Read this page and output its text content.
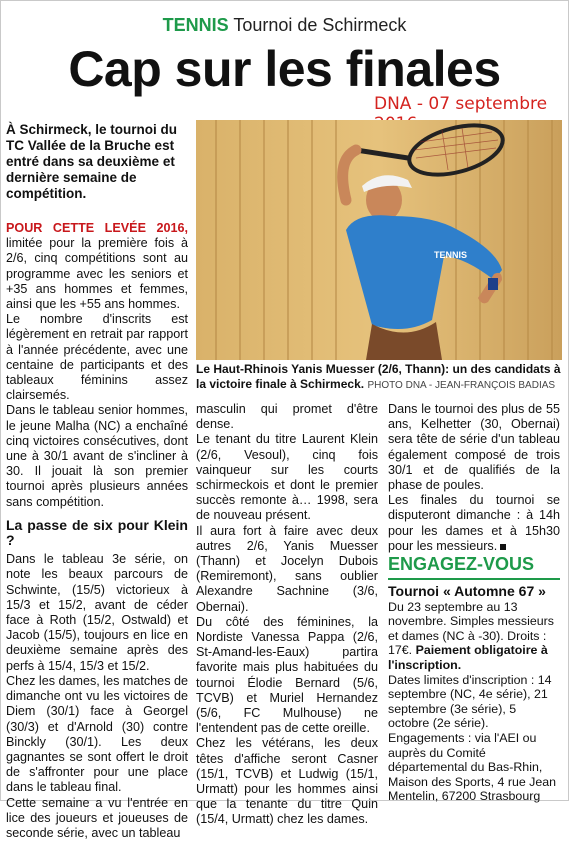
TENNIS Tournoi de Schirmeck
Cap sur les finales
DNA - 07 septembre
À Schirmeck, le tournoi du TC Vallée de la Bruche est entré dans sa deuxième et dernière semaine de compétition.
TENNIS
Le Haut-Rhinois Yanis Muesser (2/6, Thann): un des candidats à la victoire finale à Schirmeck. PHOTO DNA - JEAN-FRANÇOIS BADIAS

POUR CETTE LEVÉE 2016, limitée pour la première fois à 2/6, cinq compétitions sont au programme avec les seniors et +35 ans hommes et femmes, ainsi que les +55 ans hommes.

Le nombre d'inscrits est légèrement en retrait par rapport à l'année précédente, avec une centaine de participants et des tableaux féminins assez clairsemés.

Dans le tableau senior hommes, le jeune Malha (NC) a enchaîné cinq victoires consécutives, dont une à 30/1 avant de s'incliner à 30. Il jouait là son premier tournoi après plusieurs années sans compétition.

La passe de six pour Klein ?

Dans le tableau 3e série, on note les beaux parcours de Schwinte, (15/5) victorieux à 15/3 et 15/2, avant de céder face à Roth (15/2, Ostwald) et Jacob (15/5), toujours en lice en deuxième semaine après des perfs à 15/4, 15/3 et 15/2.

Chez les dames, les matches de dimanche ont vu les victoires de Diem (30/1) face à Georgel (30/3) et d'Arnold (30) contre Binckly (30/1). Les deux gagnantes se sont offert le droit de s'affronter pour une place dans le tableau final.

Cette semaine a vu l'entrée en lice des joueurs et joueuses de seconde série, avec un tableau

masculin qui promet d'être dense.

Le tenant du titre Laurent Klein (2/6, Vesoul), cinq fois vainqueur sur les courts schirmeckois et dont le premier succès remonte à… 1998, sera de nouveau présent.

Il aura fort à faire avec deux autres 2/6, Yanis Muesser (Thann) et Jocelyn Dubois (Remiremont), sans oublier Alexandre Sachnine (3/6, Obernai).

Du côté des féminines, la Nordiste Vanessa Pappa (2/6, St-Amand-les-Eaux) partira favorite mais plus habituées du tournoi Élodie Bernard (5/6, TCVB) et Muriel Hernandez (5/6, FC Mulhouse) ne l'entendent pas de cette oreille.

Chez les vétérans, les deux têtes d'affiche seront Casner (15/1, TCVB) et Ludwig (15/1, Urmatt) pour les hommes ainsi que la tenante du titre Quin (15/4, Urmatt) chez les dames.

Dans le tournoi des plus de 55 ans, Kelhetter (30, Obernai) sera tête de série d'un tableau également composé de trois 30/1 et de qualifiés de la phase de poules.

Les finales du tournoi se disputeront dimanche : à 14h pour les dames et à 15h30 pour les messieurs.

ENGAGEZ-VOUS

Tournoi « Automne 67 »

Du 23 septembre au 13 novembre. Simples messieurs et dames (NC à -30). Droits : 17€. Paiement obligatoire à l'inscription.

Dates limites d'inscription : 14 septembre (NC, 4e série), 21 septembre (3e série), 5 octobre (2e série).

Engagements : via l'AEI ou auprès du Comité départemental du Bas-Rhin, Maison des Sports, 4 rue Jean Mentelin, 67200 Strasbourg
